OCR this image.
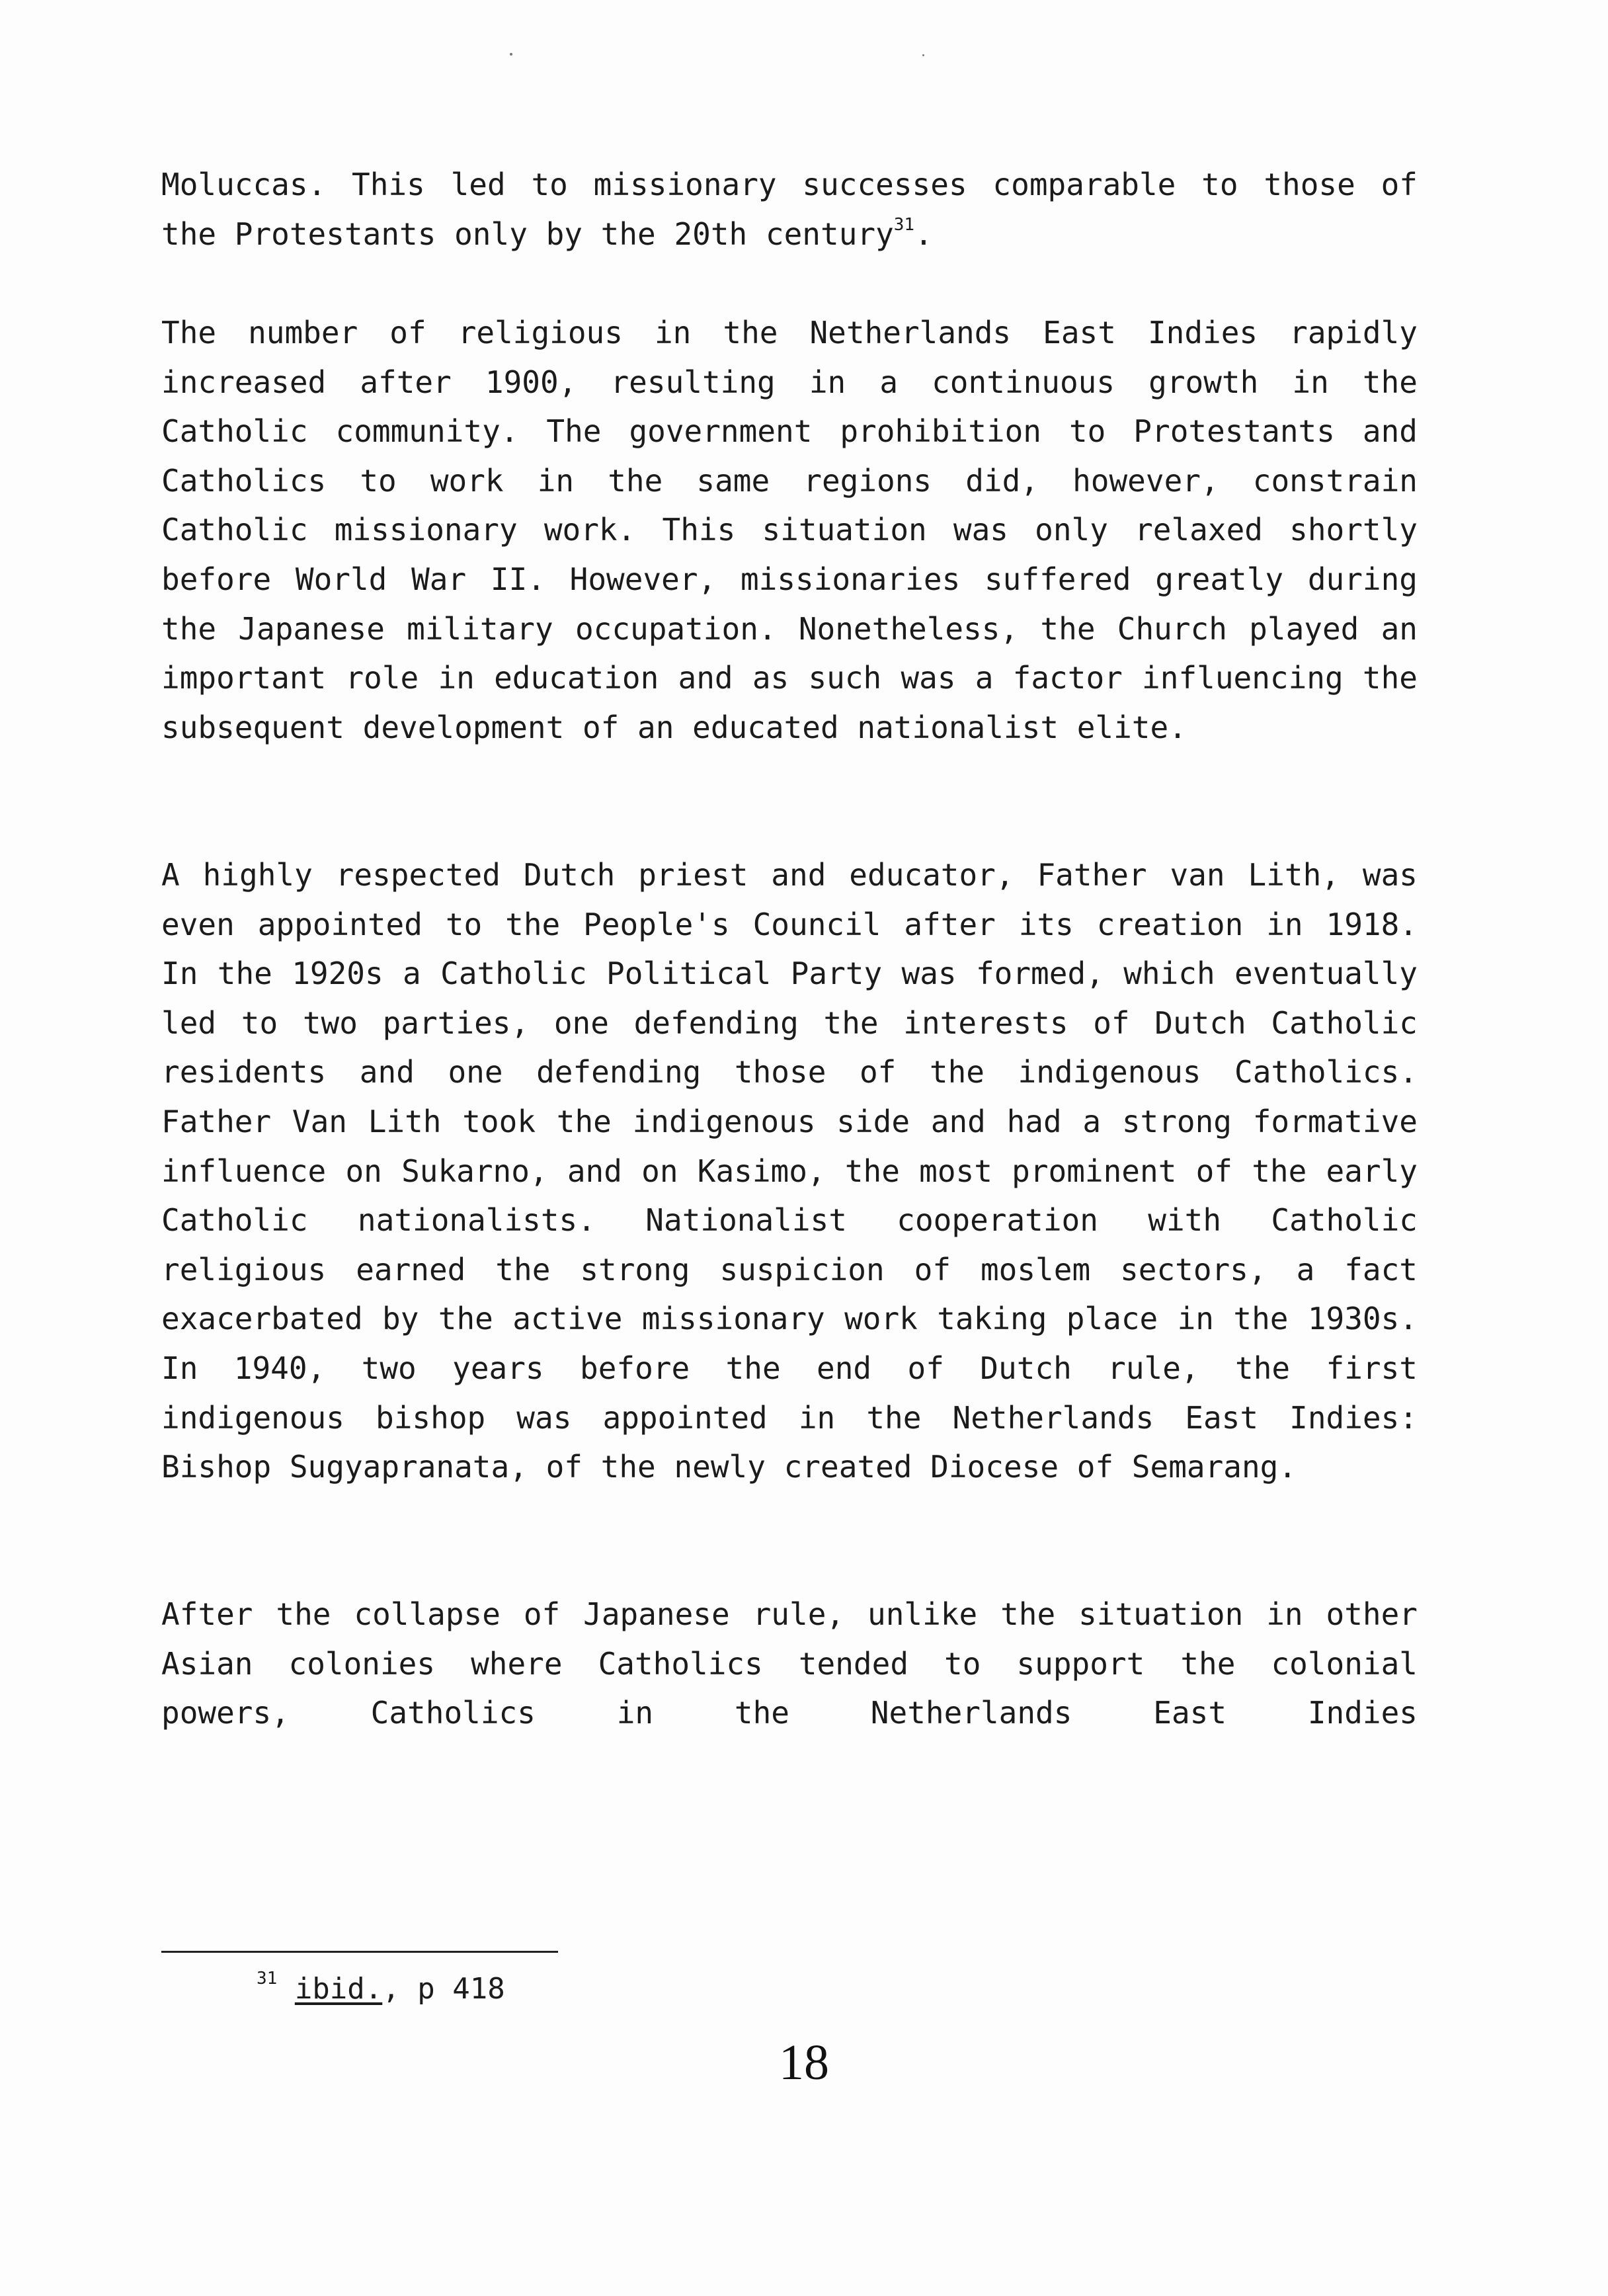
Moluccas. This led to missionary successes comparable to those of the Protestants only by the 20th century$^{31}$.

The number of religious in the Netherlands East Indies rapidly increased after 1900, resulting in a continuous growth in the Catholic community. The government prohibition to Protestants and Catholics to work in the same regions did, however, constrain Catholic missionary work. This situation was only relaxed shortly before World War II. However, missionaries suffered greatly during the Japanese military occupation. Nonetheless, the Church played an important role in education and as such was a factor influencing the subsequent development of an educated nationalist elite.

A highly respected Dutch priest and educator, Father van Lith, was even appointed to the People's Council after its creation in 1918. In the 1920s a Catholic Political Party was formed, which eventually led to two parties, one defending the interests of Dutch Catholic residents and one defending those of the indigenous Catholics. Father Van Lith took the indigenous side and had a strong formative influence on Sukarno, and on Kasimo, the most prominent of the early Catholic nationalists. Nationalist cooperation with Catholic religious earned the strong suspicion of moslem sectors, a fact exacerbated by the active missionary work taking place in the 1930s. In 1940, two years before the end of Dutch rule, the first indigenous bishop was appointed in the Netherlands East Indies: Bishop Sugyapranata, of the newly created Diocese of Semarang.

After the collapse of Japanese rule, unlike the situation in other Asian colonies where Catholics tended to support the colonial powers, Catholics in the Netherlands East Indies

$^{31}$ ibid., p 418
18
